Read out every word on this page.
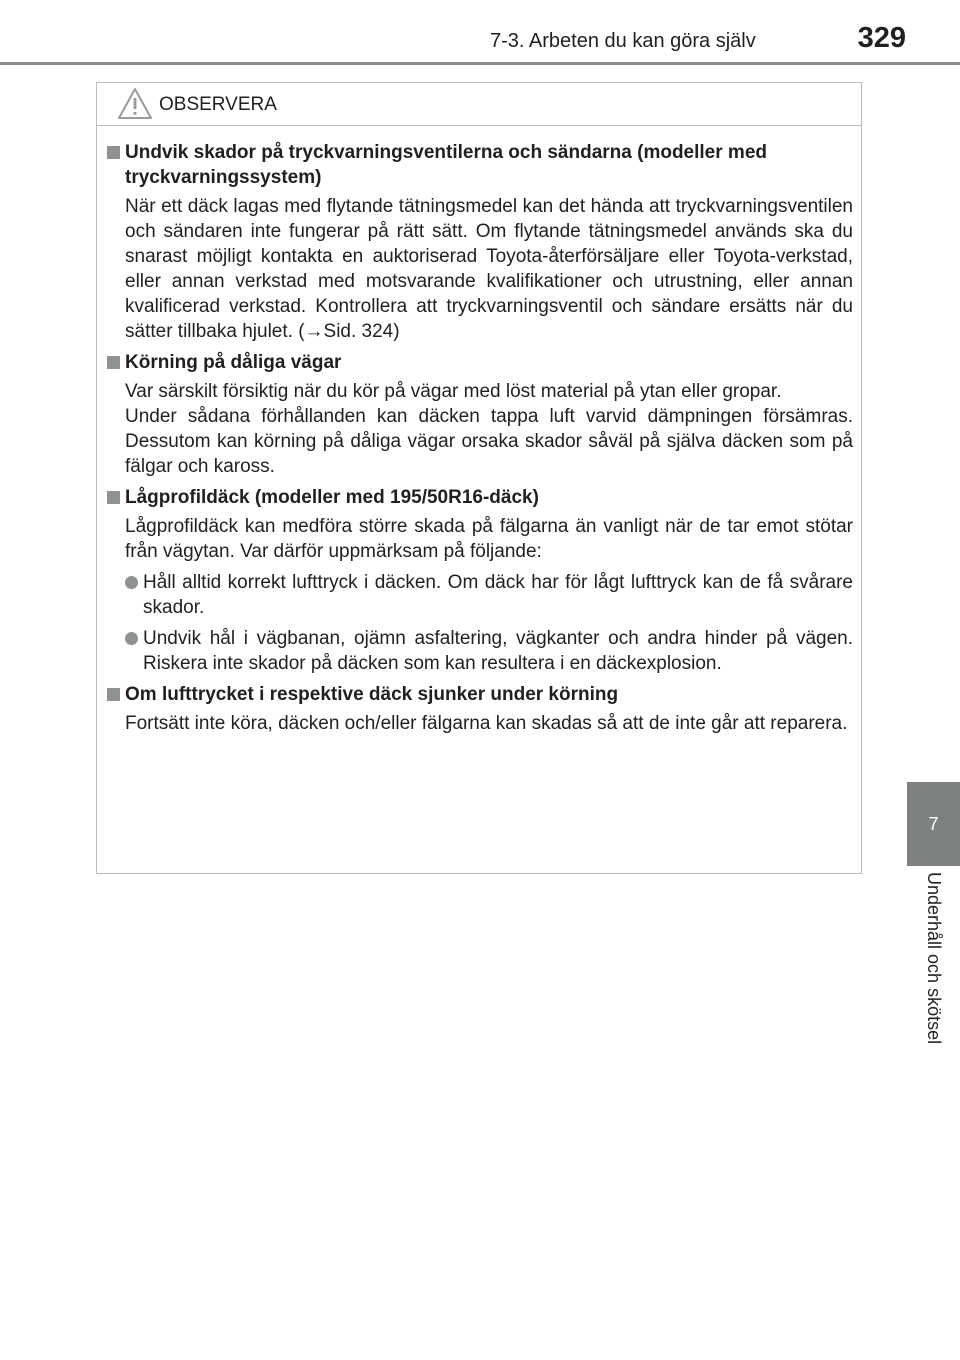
7-3. Arbeten du kan göra själv	329
7
Underhåll och skötsel
OBSERVERA
Undvik skador på tryckvarningsventilerna och sändarna (modeller med tryckvarningssystem)
När ett däck lagas med flytande tätningsmedel kan det hända att tryckvarningsventilen och sändaren inte fungerar på rätt sätt. Om flytande tätningsmedel används ska du snarast möjligt kontakta en auktoriserad Toyota-återförsäljare eller Toyota-verkstad, eller annan verkstad med motsvarande kvalifikationer och utrustning, eller annan kvalificerad verkstad. Kontrollera att tryckvarningsventil och sändare ersätts när du sätter tillbaka hjulet. (→Sid. 324)
Körning på dåliga vägar
Var särskilt försiktig när du kör på vägar med löst material på ytan eller gropar.
Under sådana förhållanden kan däcken tappa luft varvid dämpningen försämras. Dessutom kan körning på dåliga vägar orsaka skador såväl på själva däcken som på fälgar och kaross.
Lågprofildäck (modeller med 195/50R16-däck)
Lågprofildäck kan medföra större skada på fälgarna än vanligt när de tar emot stötar från vägytan. Var därför uppmärksam på följande:
Håll alltid korrekt lufttryck i däcken. Om däck har för lågt lufttryck kan de få svårare skador.
Undvik hål i vägbanan, ojämn asfaltering, vägkanter och andra hinder på vägen. Riskera inte skador på däcken som kan resultera i en däckexplosion.
Om lufttrycket i respektive däck sjunker under körning
Fortsätt inte köra, däcken och/eller fälgarna kan skadas så att de inte går att reparera.
